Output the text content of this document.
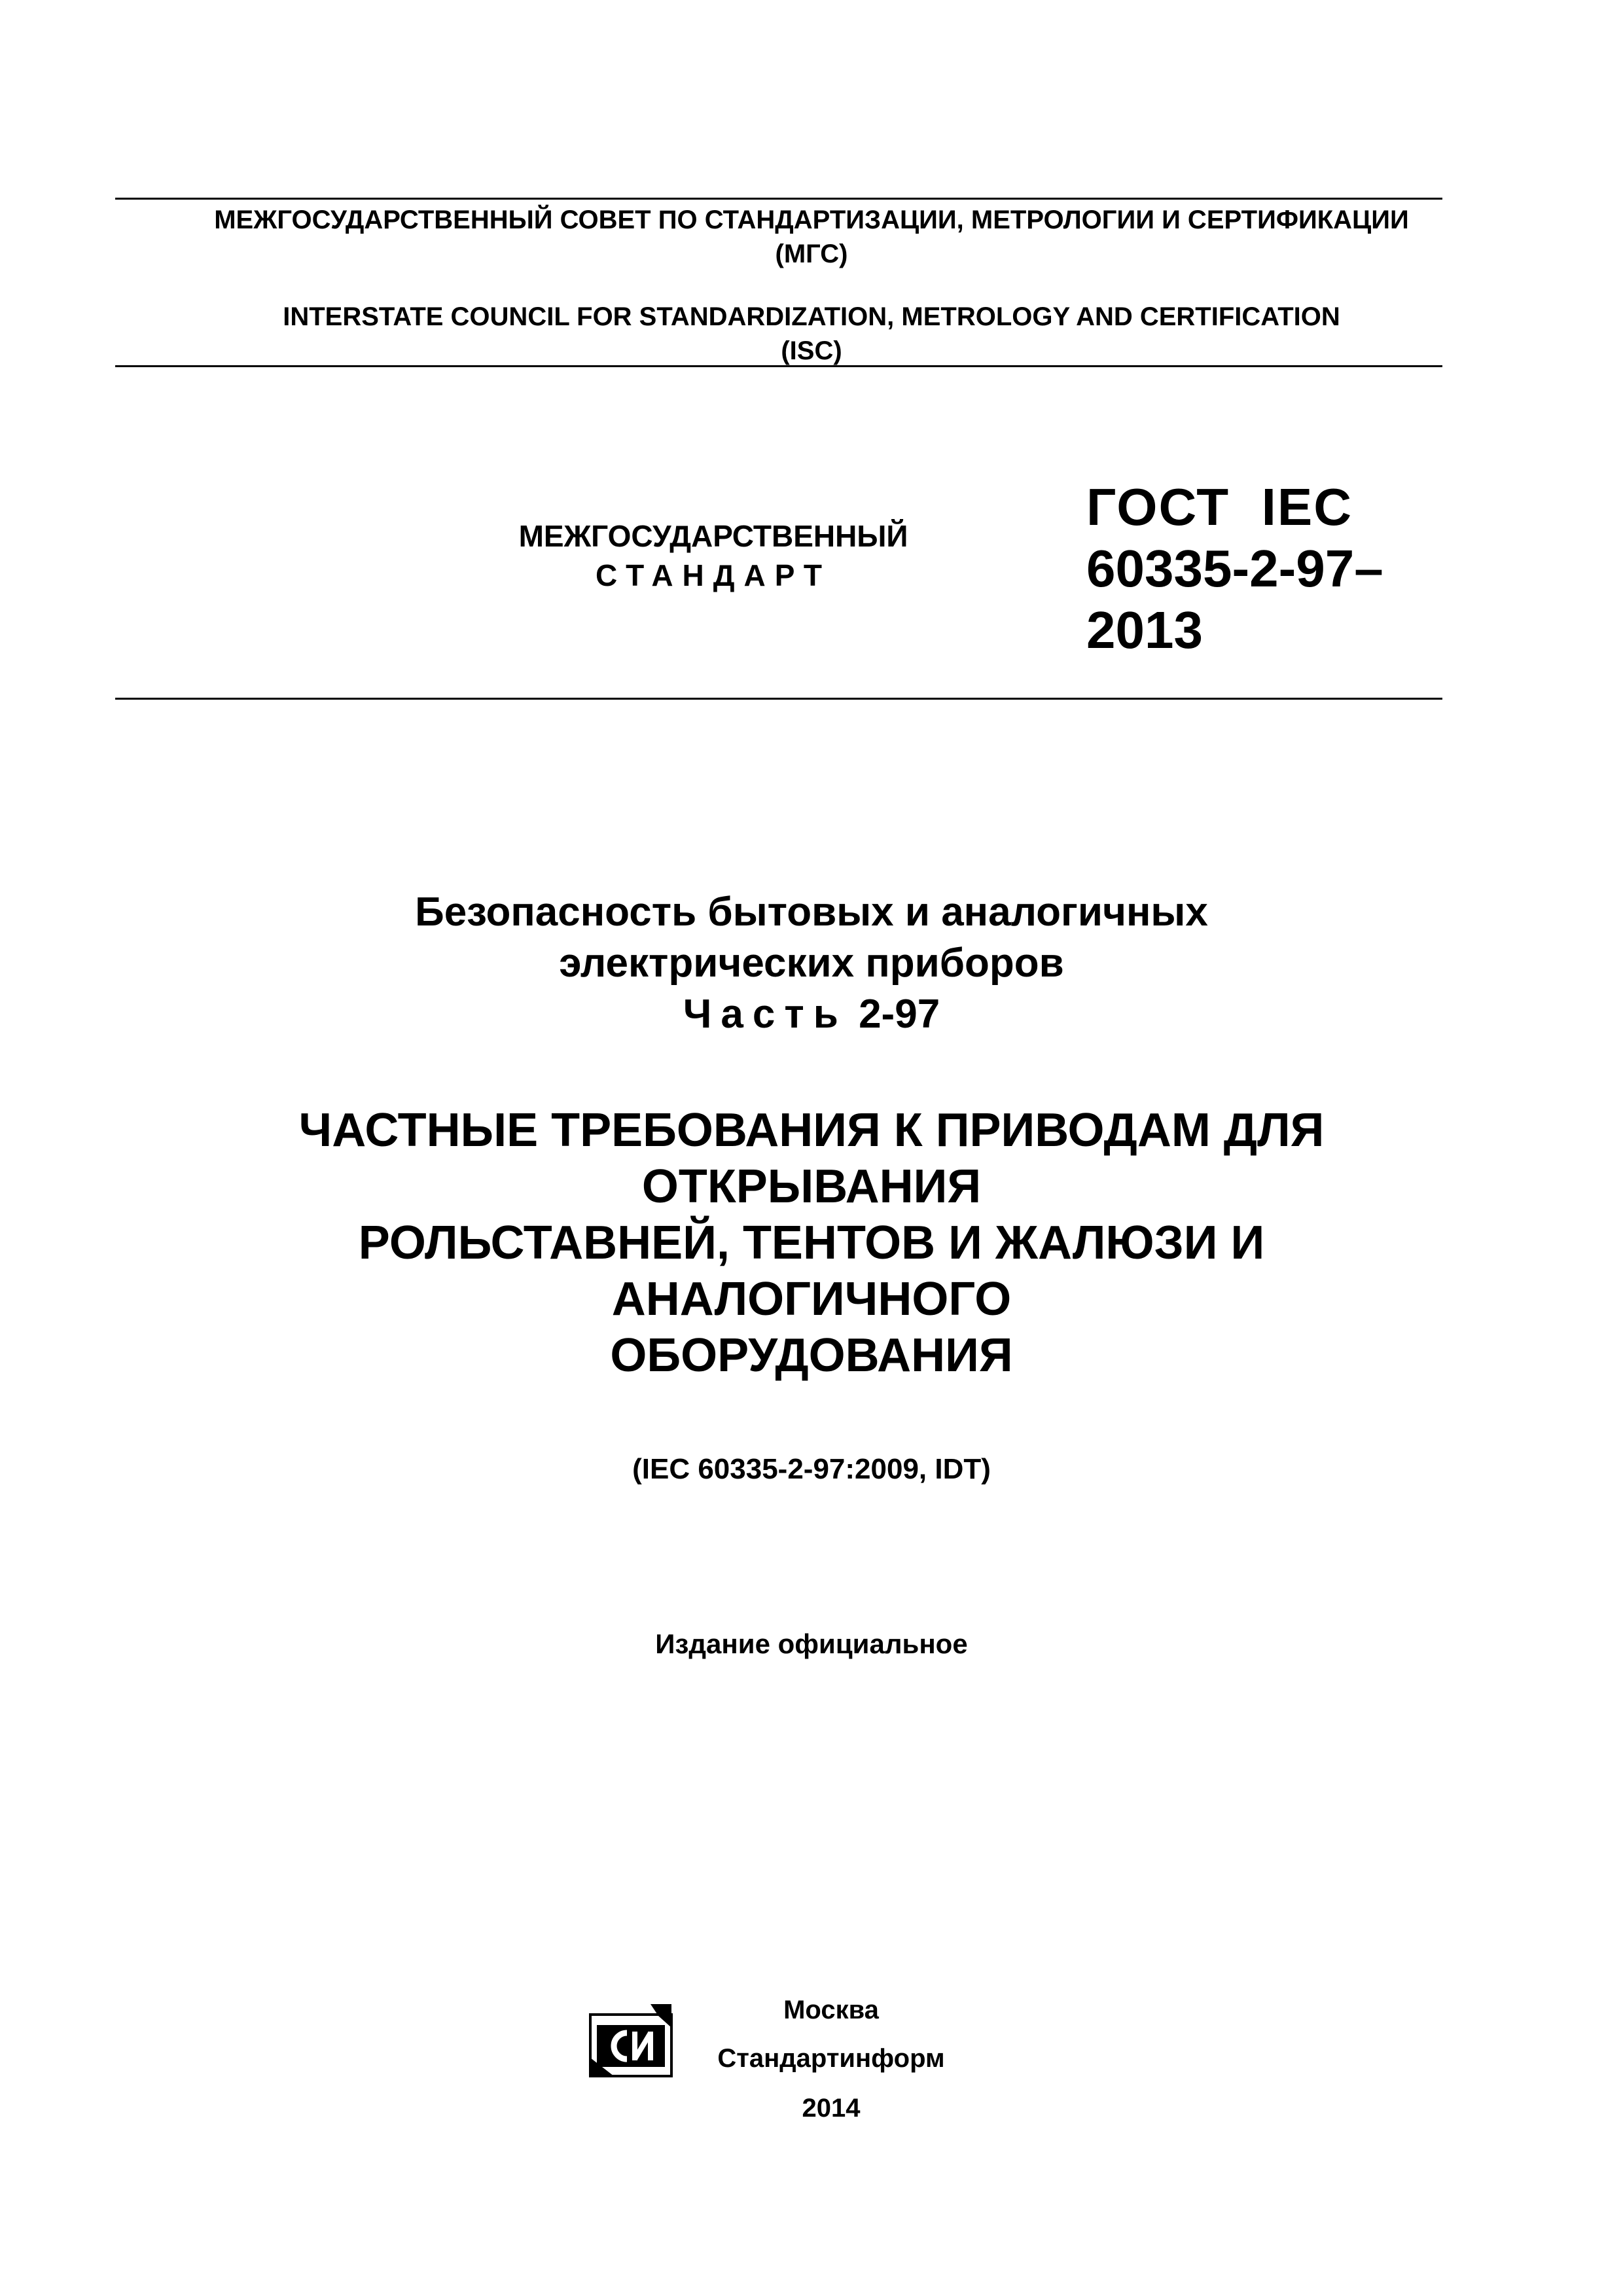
МЕЖГОСУДАРСТВЕННЫЙ СОВЕТ ПО СТАНДАРТИЗАЦИИ, МЕТРОЛОГИИ И СЕРТИФИКАЦИИ
(МГС)
INTERSTATE COUNCIL FOR STANDARDIZATION, METROLOGY AND CERTIFICATION
(ISC)
МЕЖГОСУДАРСТВЕННЫЙ
СТАНДАРТ
ГОСТ  IEC
60335-2-97–
2013
Безопасность бытовых и аналогичных
электрических приборов
Часть 2-97
ЧАСТНЫЕ ТРЕБОВАНИЯ К ПРИВОДАМ ДЛЯ
ОТКРЫВАНИЯ
РОЛЬСТАВНЕЙ, ТЕНТОВ И ЖАЛЮЗИ И
АНАЛОГИЧНОГО
ОБОРУДОВАНИЯ
(IEC 60335-2-97:2009, IDT)
Издание официальное
СИ	Москва
Стандартинформ
2014
